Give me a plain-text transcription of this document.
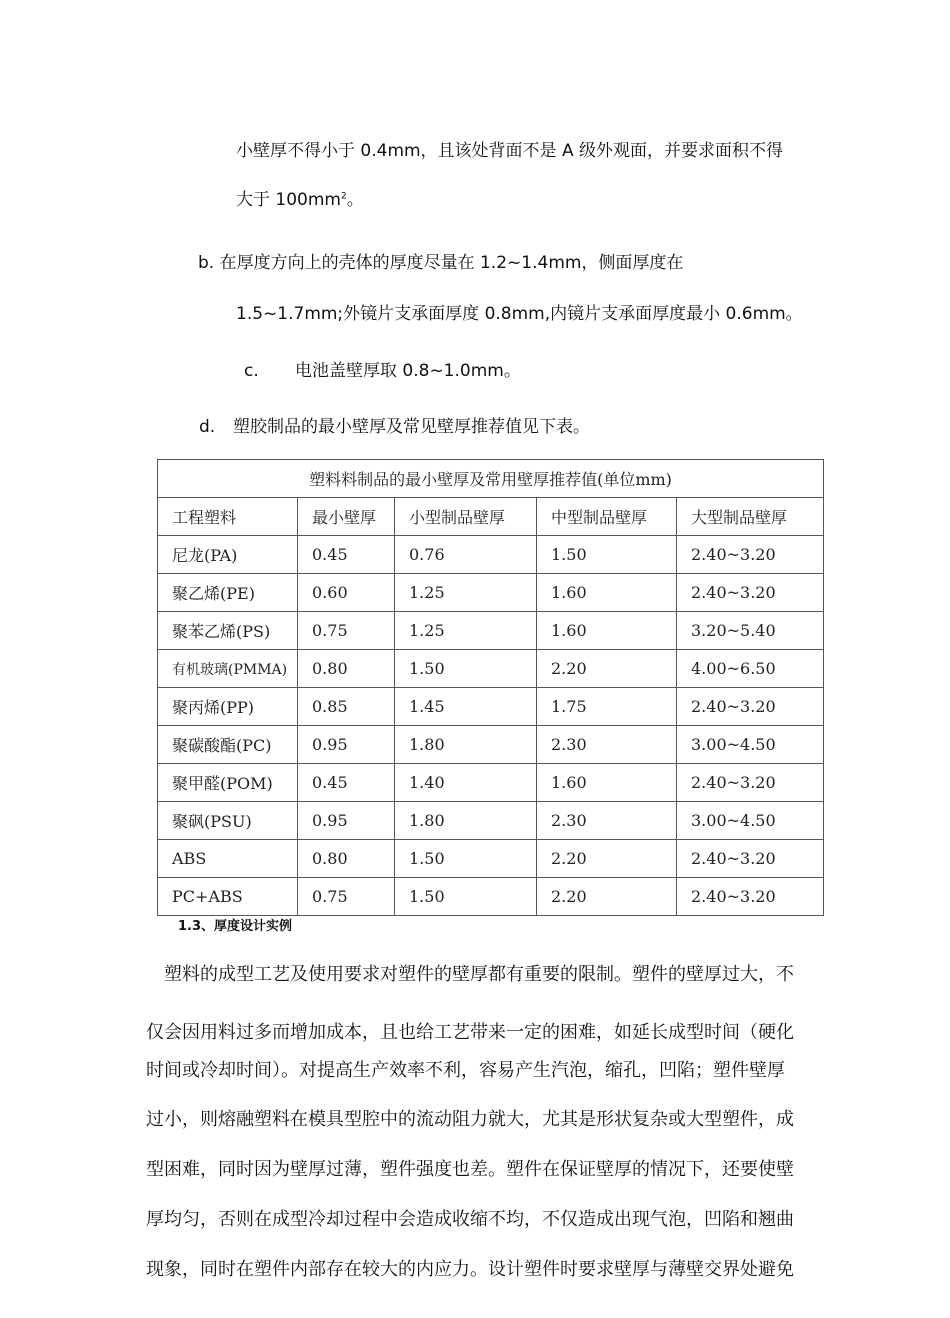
小壁厚不得小于 0.4mm，且该处背面不是 A 级外观面，并要求面积不得
大于 $100mm^2$。
b. 在厚度方向上的壳体的厚度尽量在 1.2~1.4mm，侧面厚度在
1.5~1.7mm;外镜片支承面厚度 0.8mm,内镜片支承面厚度最小 0.6mm。
c. 电池盖壁厚取 0.8~1.0mm。
d. 塑胶制品的最小壁厚及常见壁厚推荐值见下表。
塑料料制品的最小壁厚及常用壁厚推荐值(单位mm)				
工程塑料	最小壁厚	小型制品壁厚	中型制品壁厚	大型制品壁厚
尼龙(PA)	0.45	0.76	1.50	2.40~3.20
聚乙烯(PE)	0.60	1.25	1.60	2.40~3.20
聚苯乙烯(PS)	0.75	1.25	1.60	3.20~5.40
有机玻璃(PMMA)	0.80	1.50	2.20	4.00~6.50
聚丙烯(PP)	0.85	1.45	1.75	2.40~3.20
聚碳酸酯(PC)	0.95	1.80	2.30	3.00~4.50
聚甲醛(POM)	0.45	1.40	1.60	2.40~3.20
聚砜(PSU)	0.95	1.80	2.30	3.00~4.50
ABS	0.80	1.50	2.20	2.40~3.20
PC+ABS	0.75	1.50	2.20	2.40~3.20
1.3、厚度设计实例
　塑料的成型工艺及使用要求对塑件的壁厚都有重要的限制。塑件的壁厚过大，不
仅会因用料过多而增加成本，且也给工艺带来一定的困难，如延长成型时间（硬化
时间或冷却时间）。对提高生产效率不利，容易产生汽泡，缩孔，凹陷；塑件壁厚
过小，则熔融塑料在模具型腔中的流动阻力就大，尤其是形状复杂或大型塑件，成
型困难，同时因为壁厚过薄，塑件强度也差。塑件在保证壁厚的情况下，还要使壁
厚均匀，否则在成型冷却过程中会造成收缩不均，不仅造成出现气泡，凹陷和翘曲
现象，同时在塑件内部存在较大的内应力。设计塑件时要求壁厚与薄壁交界处避免
